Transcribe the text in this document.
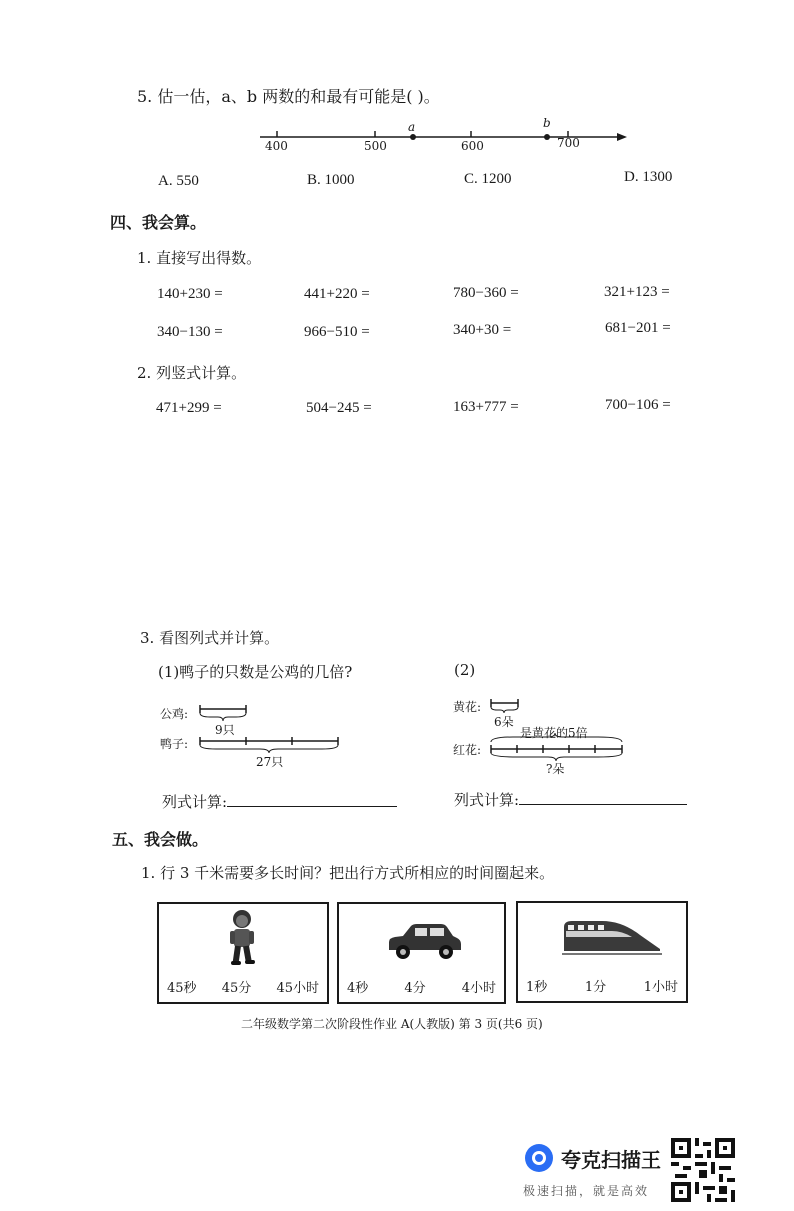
5. 估一估，a、b 两数的和最有可能是( )。
400	500	600	700
a	b
A. 550	B. 1000	C. 1200	D. 1300
四、我会算。
1. 直接写出得数。
140+230 =	441+220 =	780−360 =	321+123 =
340−130 =	966−510 =	340+30 =	681−201 =
2. 列竖式计算。
471+299 =	504−245 =	163+777 =	700−106 =
3. 看图列式并计算。
(1)鸭子的只数是公鸡的几倍?
公鸡:
鸭子:
9只
27只
列式计算:
(2)
黄花:
红花:
6朵
是黄花的5倍
?朵
列式计算:
五、我会做。
1. 行 3 千米需要多长时间？把出行方式所相应的时间圈起来。
45秒 45分 45小时 4秒	4分	4小时 1秒	1分	1小时
二年级数学第二次阶段性作业 A(人教版) 第 3 页(共6 页)
夸克扫描王
极速扫描，就是高效
